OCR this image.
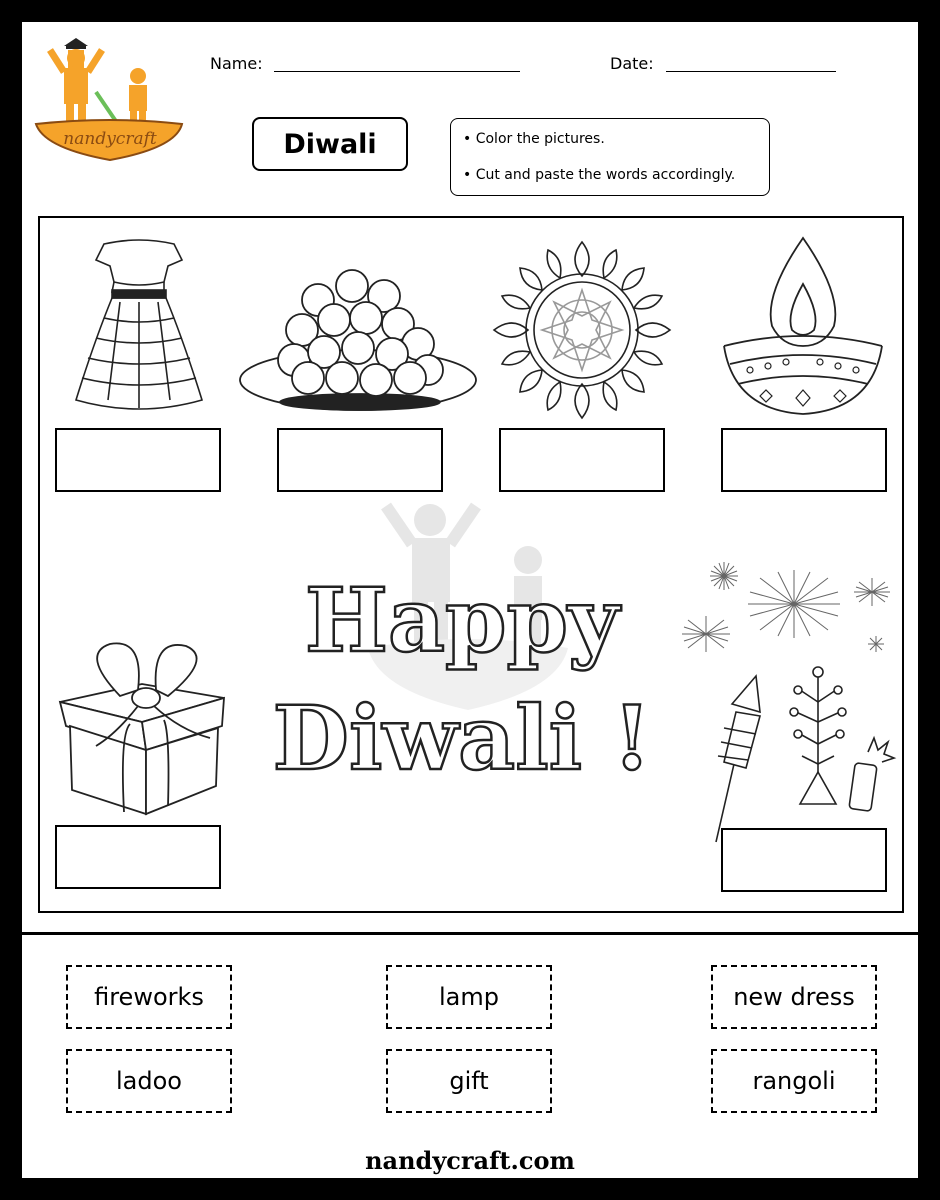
nandycraft
Name:	Date:
Diwali	• Color the pictures.
• Cut and paste the words accordingly.
Happy
Diwali !
fireworks	lamp	new dress
ladoo	gift	rangoli
nandycraft.com
